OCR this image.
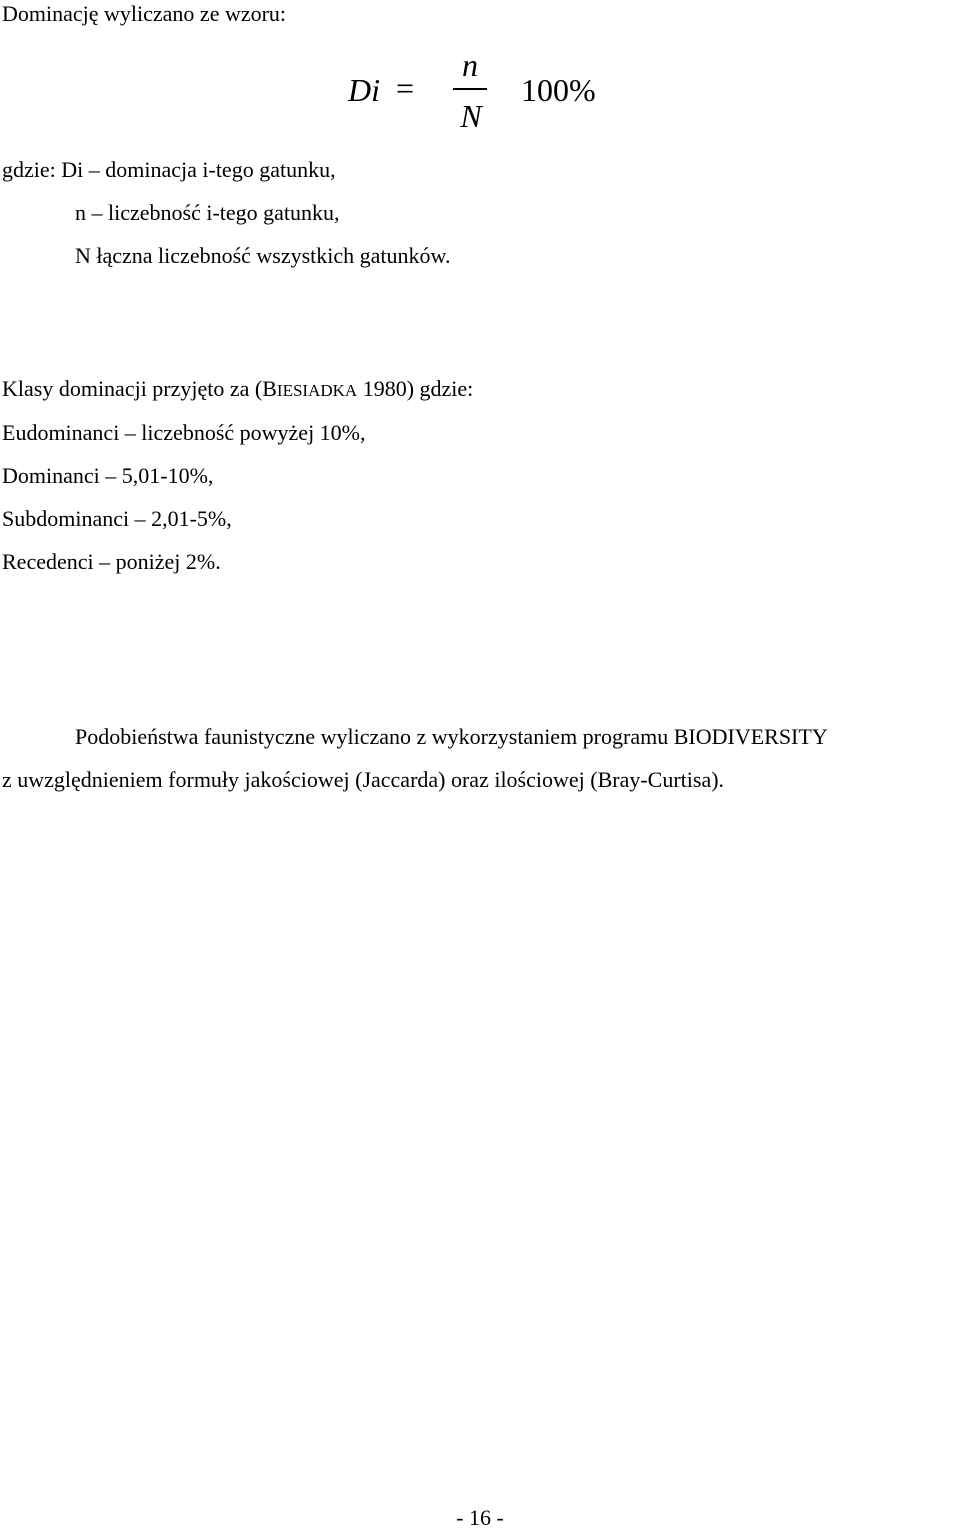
Dominację wyliczano ze wzoru:
Di =
n
N
100%
gdzie: Di – dominacja i-tego gatunku,
n – liczebność i-tego gatunku,
N łączna liczebność wszystkich gatunków.
Klasy dominacji przyjęto za (BIESIADKA 1980) gdzie:
Eudominanci – liczebność powyżej 10%,
Dominanci – 5,01-10%,
Subdominanci – 2,01-5%,
Recedenci – poniżej 2%.
Podobieństwa faunistyczne wyliczano z wykorzystaniem programu BIODIVERSITY
z uwzględnieniem formuły jakościowej (Jaccarda) oraz ilościowej (Bray-Curtisa).
- 16 -
